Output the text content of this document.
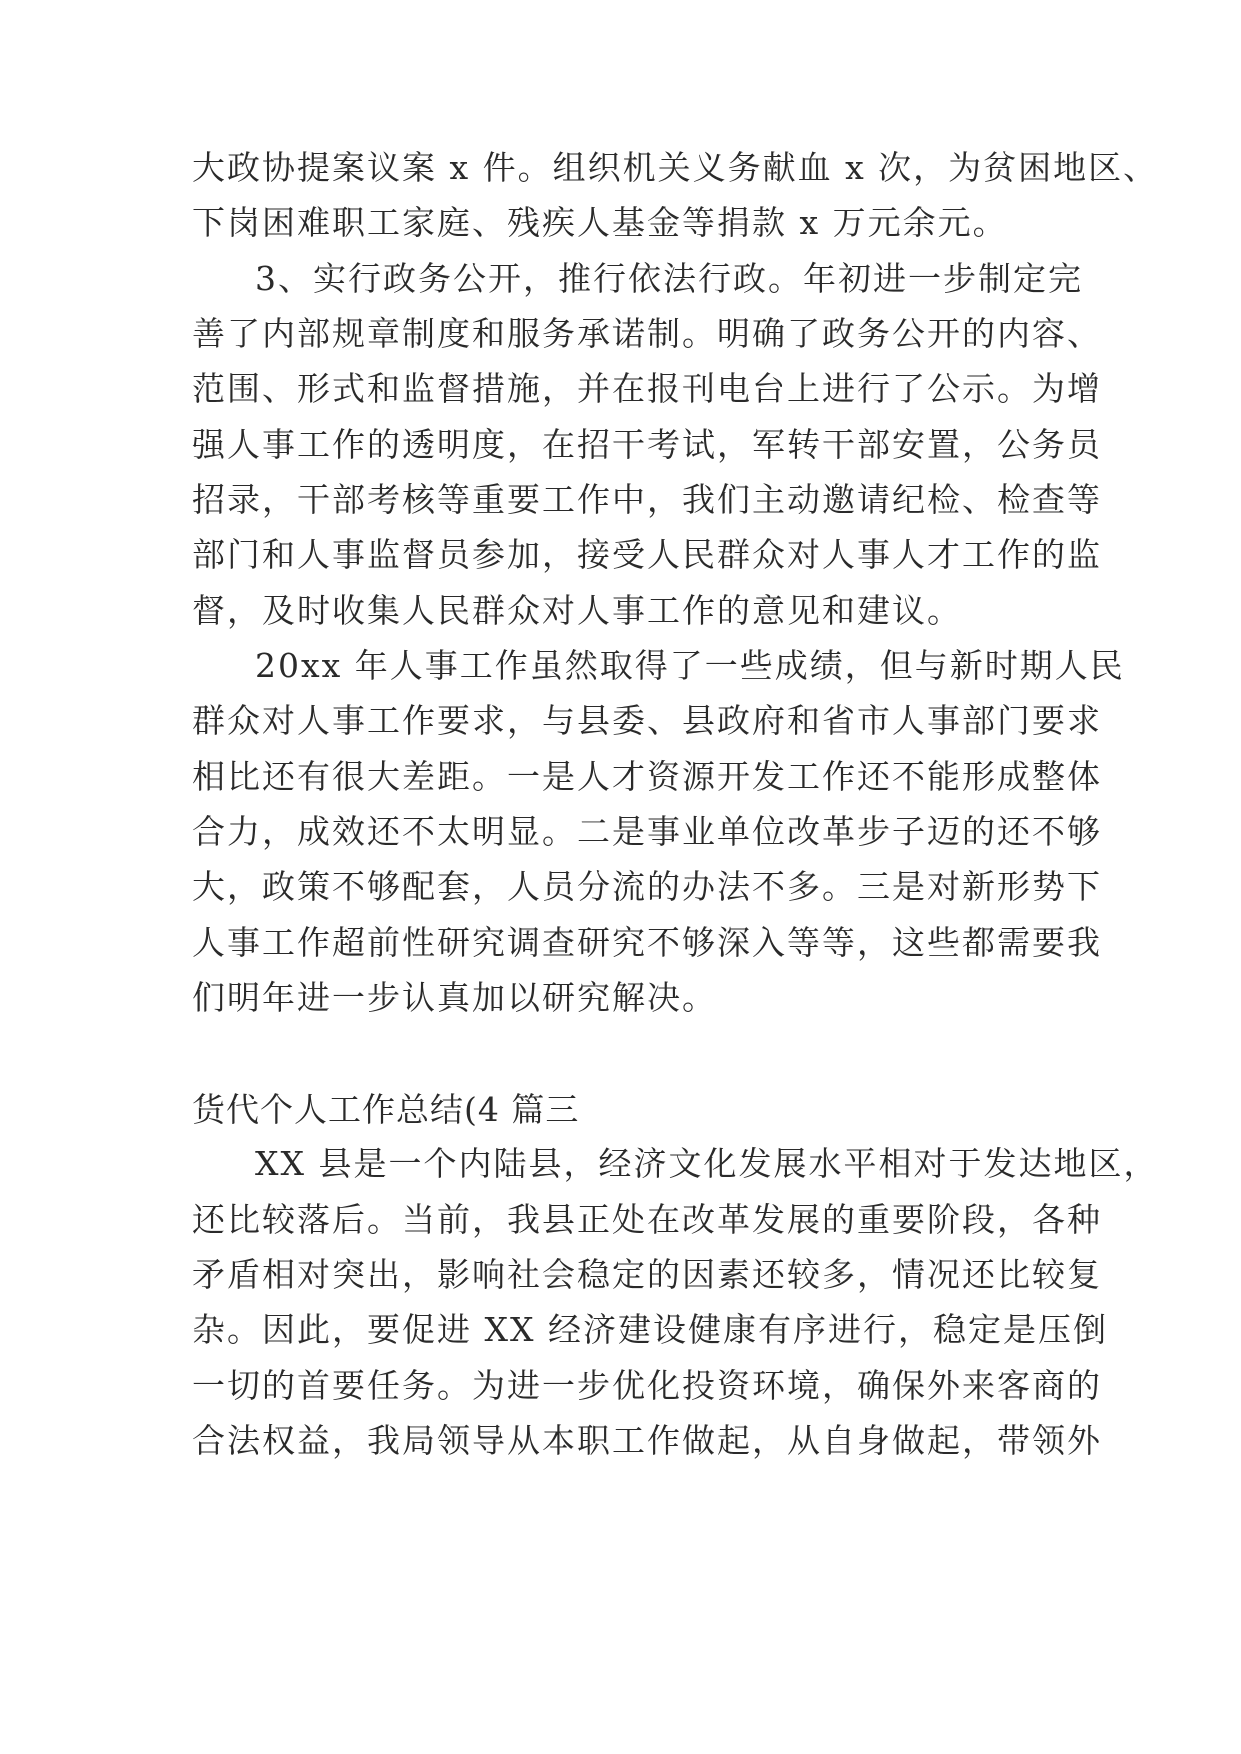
大政协提案议案 x 件。组织机关义务献血 x 次，为贫困地区、
下岗困难职工家庭、残疾人基金等捐款 x 万元余元。
3、实行政务公开，推行依法行政。年初进一步制定完
善了内部规章制度和服务承诺制。明确了政务公开的内容、
范围、形式和监督措施，并在报刊电台上进行了公示。为增
强人事工作的透明度，在招干考试，军转干部安置，公务员
招录，干部考核等重要工作中，我们主动邀请纪检、检查等
部门和人事监督员参加，接受人民群众对人事人才工作的监
督，及时收集人民群众对人事工作的意见和建议。
20xx 年人事工作虽然取得了一些成绩，但与新时期人民
群众对人事工作要求，与县委、县政府和省市人事部门要求
相比还有很大差距。一是人才资源开发工作还不能形成整体
合力，成效还不太明显。二是事业单位改革步子迈的还不够
大，政策不够配套，人员分流的办法不多。三是对新形势下
人事工作超前性研究调查研究不够深入等等，这些都需要我
们明年进一步认真加以研究解决。
货代个人工作总结(4 篇三
XX 县是一个内陆县，经济文化发展水平相对于发达地区，
还比较落后。当前，我县正处在改革发展的重要阶段，各种
矛盾相对突出，影响社会稳定的因素还较多，情况还比较复
杂。因此，要促进 XX 经济建设健康有序进行，稳定是压倒
一切的首要任务。为进一步优化投资环境，确保外来客商的
合法权益，我局领导从本职工作做起，从自身做起，带领外
